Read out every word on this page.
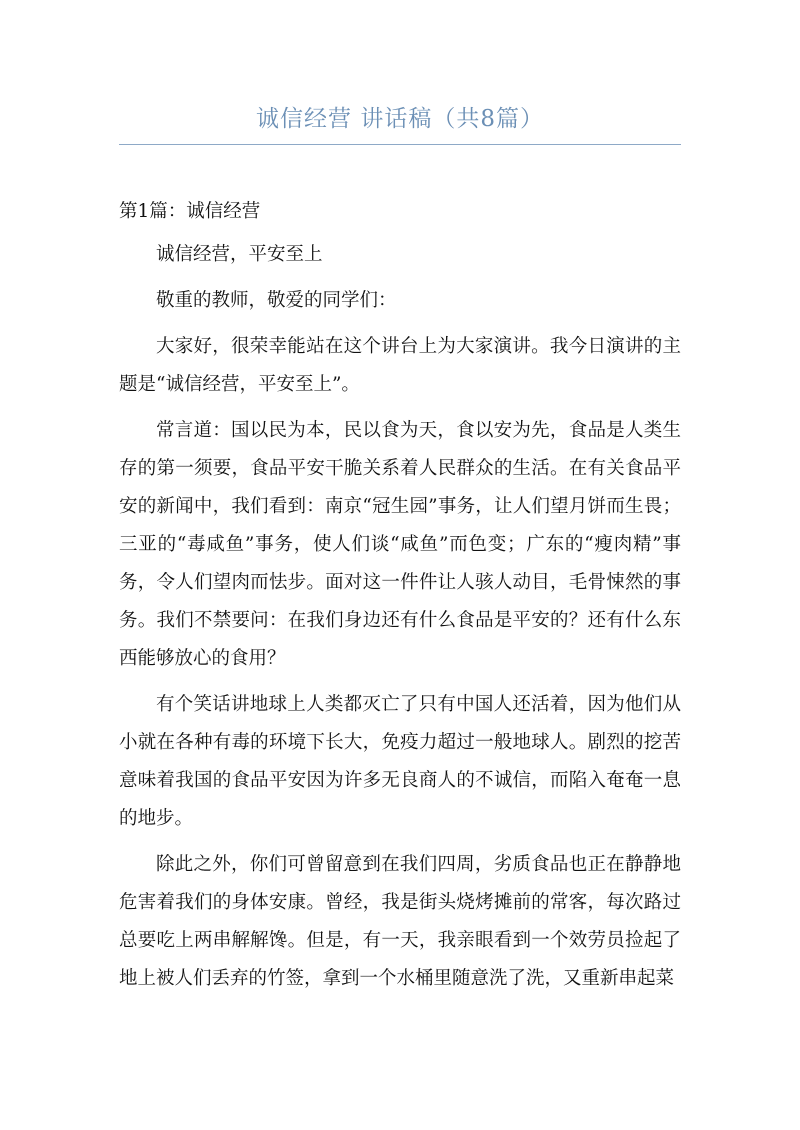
诚信经营 讲话稿（共8篇）
第1篇：诚信经营

诚信经营，平安至上

敬重的教师，敬爱的同学们：

大家好，很荣幸能站在这个讲台上为大家演讲。我今日演讲的主题是“诚信经营，平安至上”。

常言道：国以民为本，民以食为天，食以安为先，食品是人类生存的第一须要，食品平安干脆关系着人民群众的生活。在有关食品平安的新闻中，我们看到：南京“冠生园”事务，让人们望月饼而生畏；三亚的“毒咸鱼”事务，使人们谈“咸鱼”而色变；广东的“瘦肉精”事务，令人们望肉而怯步。面对这一件件让人骇人动目，毛骨悚然的事务。我们不禁要问：在我们身边还有什么食品是平安的？还有什么东西能够放心的食用？

有个笑话讲地球上人类都灭亡了只有中国人还活着，因为他们从小就在各种有毒的环境下长大，免疫力超过一般地球人。剧烈的挖苦意味着我国的食品平安因为许多无良商人的不诚信，而陷入奄奄一息的地步。

除此之外，你们可曾留意到在我们四周，劣质食品也正在静静地危害着我们的身体安康。曾经，我是街头烧烤摊前的常客，每次路过总要吃上两串解解馋。但是，有一天，我亲眼看到一个效劳员捡起了地上被人们丢弃的竹签，拿到一个水桶里随意洗了洗，又重新串起菜
